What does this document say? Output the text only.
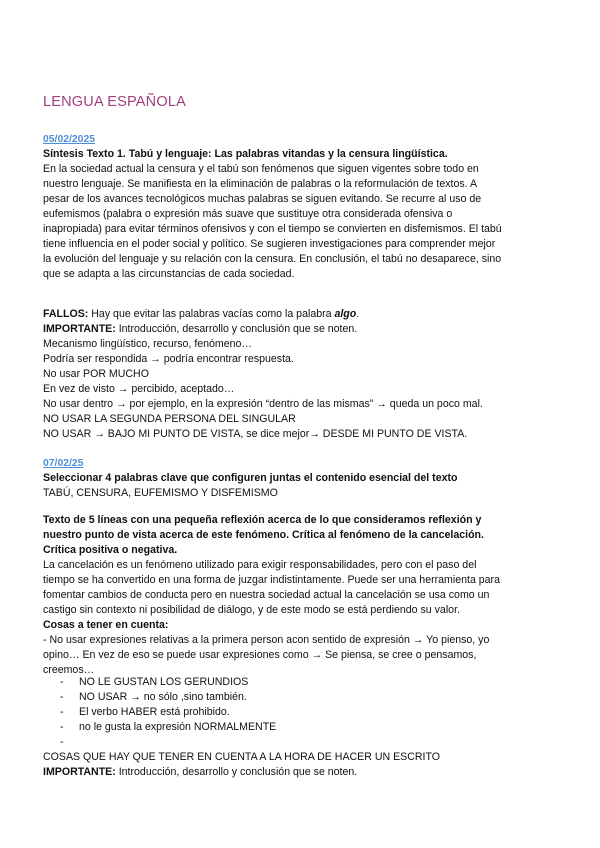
LENGUA ESPAÑOLA
05/02/2025
Síntesis Texto 1. Tabú y lenguaje: Las palabras vitandas y la censura lingüística.
En la sociedad actual la censura y el tabú son fenómenos que siguen vigentes sobre todo en
nuestro lenguaje. Se manifiesta en la eliminación de palabras o la reformulación de textos. A
pesar de los avances tecnológicos muchas palabras se siguen evitando. Se recurre al uso de
eufemismos (palabra o expresión más suave que sustituye otra considerada ofensiva o
inapropiada) para evitar términos ofensivos y con el tiempo se convierten en disfemismos. El tabú
tiene influencia en el poder social y político. Se sugieren investigaciones para comprender mejor
la evolución del lenguaje y su relación con la censura. En conclusión, el tabú no desaparece, sino
que se adapta a las circunstancias de cada sociedad.
FALLOS: Hay que evitar las palabras vacías como la palabra algo.
IMPORTANTE: Introducción, desarrollo y conclusión que se noten.
Mecanismo lingüístico, recurso, fenómeno…
Podría ser respondida → podría encontrar respuesta.
No usar POR MUCHO
En vez de visto → percibido, aceptado…
No usar dentro → por ejemplo, en la expresión “dentro de las mismas” → queda un poco mal.
NO USAR LA SEGUNDA PERSONA DEL SINGULAR
NO USAR → BAJO MI PUNTO DE VISTA, se dice mejor→ DESDE MI PUNTO DE VISTA.
07/02/25
Seleccionar 4 palabras clave que configuren juntas el contenido esencial del texto
TABÚ, CENSURA, EUFEMISMO Y DISFEMISMO
Texto de 5 líneas con una pequeña reflexión acerca de lo que consideramos reflexión y
nuestro punto de vista acerca de este fenómeno. Crítica al fenómeno de la cancelación.
Crítica positiva o negativa.
La cancelación es un fenómeno utilizado para exigir responsabilidades, pero con el paso del
tiempo se ha convertido en una forma de juzgar indistintamente. Puede ser una herramienta para
fomentar cambios de conducta pero en nuestra sociedad actual la cancelación se usa como un
castigo sin contexto ni posibilidad de diálogo, y de este modo se está perdiendo su valor.
Cosas a tener en cuenta:
- No usar expresiones relativas a la primera person acon sentido de expresión → Yo pienso, yo
opino… En vez de eso se puede usar expresiones como → Se piensa, se cree o pensamos,
creemos…
- NO LE GUSTAN LOS GERUNDIOS
- NO USAR → no sólo ,sino también.
- El verbo HABER está prohibido.
- no le gusta la expresión NORMALMENTE
-
COSAS QUE HAY QUE TENER EN CUENTA A LA HORA DE HACER UN ESCRITO
IMPORTANTE: Introducción, desarrollo y conclusión que se noten.
